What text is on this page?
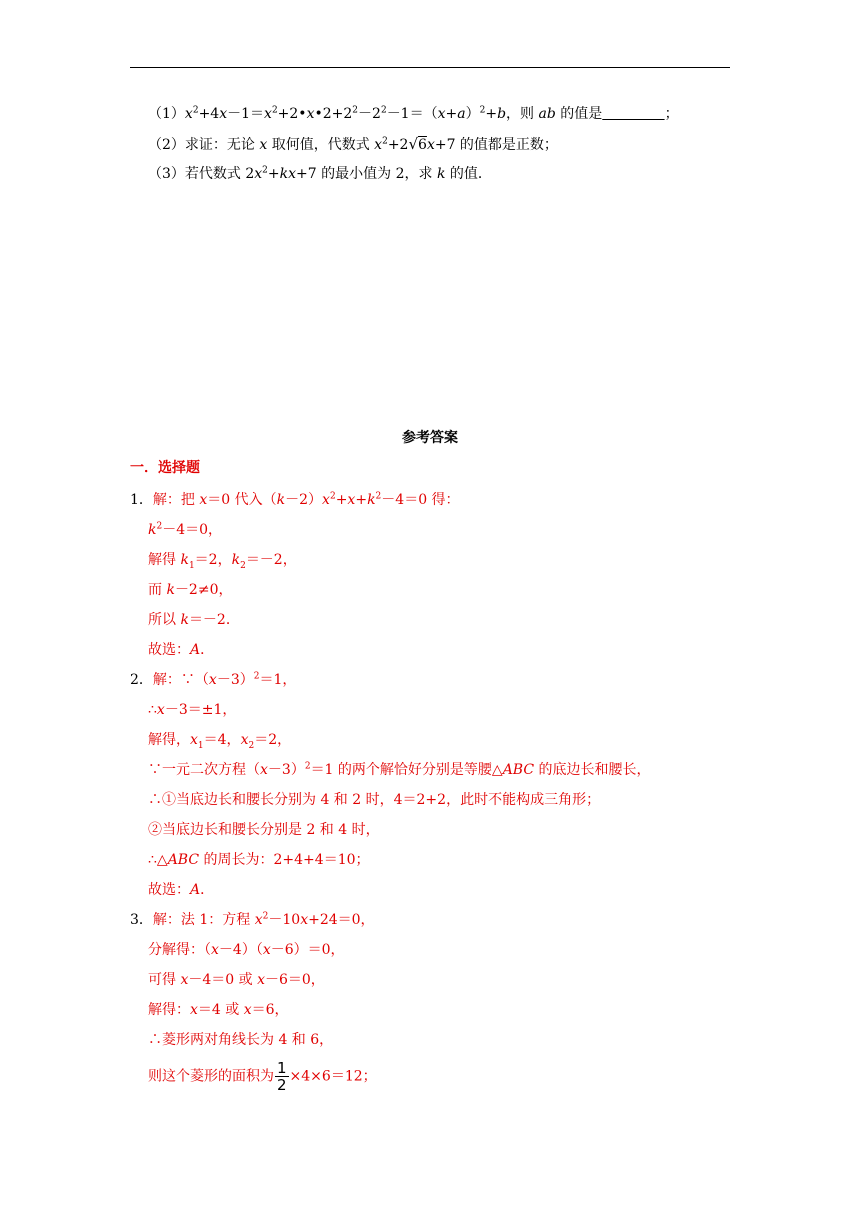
$(1)x^2+4x-1=x^2+2•x•2+2^2-2^2-1=(x+a)^2+b$，则 ab 的值是	；
（2）求证：无论 x 取何值，代数式 $x^2+2√6x+7$ 的值都是正数；
（3）若代数式 $2x^2+kx+7$ 的最小值为 2，求 k 的值．
参考答案
一．选择题
1．解：把 x＝0 代入$(k-2)x^2+x+k^2-4=0$ 得：
$k^2-4=0$，
解得 $k_1=2$，$k_2=-2$，
而 k－2≠0，
所以 k＝－2．
故选：A．
2．解：$\because(x-3)^2=1$，
∴x－3＝±1，
解得，$x_1=4$，$x_2=2$，
∵一元二次方程$(x-3)^2=1$ 的两个解恰好分别是等腰△ABC 的底边长和腰长，
∴①当底边长和腰长分别为 4 和 2 时，4＝2+2，此时不能构成三角形；
②当底边长和腰长分别是 2 和 4 时，
∴△ABC 的周长为：2+4+4＝10；
故选：A．
3．解：法 1：方程 $x^2-10x+24=0$，
分解得：（x－4）（x－6）＝0，
可得 x－4＝0 或 x－6＝0，
解得：x＝4 或 x＝6，
∴菱形两对角线长为 4 和 6，
则这个菱形的面积为 $\frac{1}{2} \times 4\times 6=12$；
